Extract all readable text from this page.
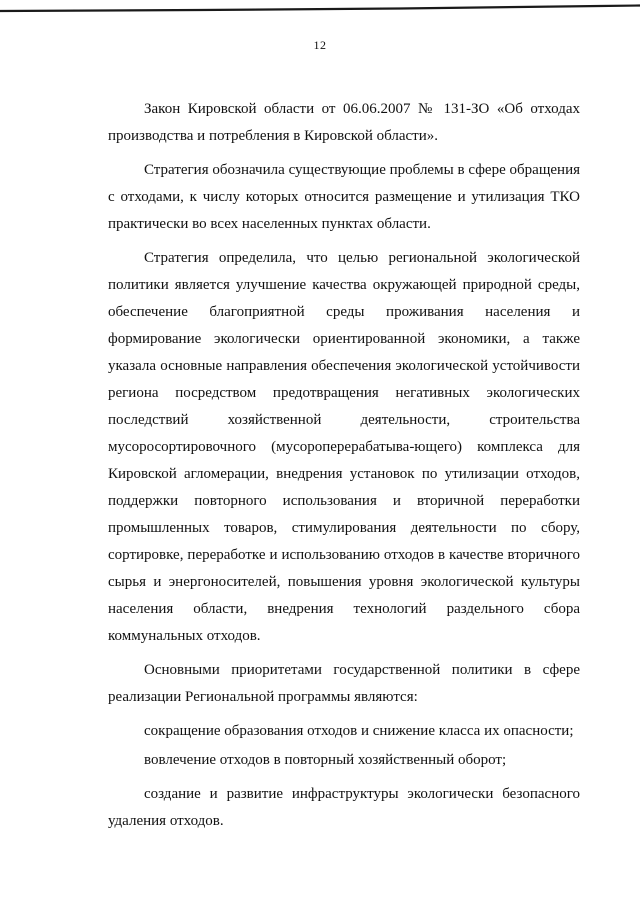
12

Закон Кировской области от 06.06.2007 № 131-ЗО «Об отходах производства и потребления в Кировской области».

Стратегия обозначила существующие проблемы в сфере обращения с отходами, к числу которых относится размещение и утилизация ТКО практически во всех населенных пунктах области.

Стратегия определила, что целью региональной экологической политики является улучшение качества окружающей природной среды, обеспечение благоприятной среды проживания населения и формирование экологически ориентированной экономики, а также указала основные направления обеспечения экологической устойчивости региона посредством предотвращения негативных экологических последствий хозяйственной деятельности, строительства мусоросортировочного (мусороперерабатыва-ющего) комплекса для Кировской агломерации, внедрения установок по утилизации отходов, поддержки повторного использования и вторичной переработки промышленных товаров, стимулирования деятельности по сбору, сортировке, переработке и использованию отходов в качестве вторичного сырья и энергоносителей, повышения уровня экологической культуры населения области, внедрения технологий раздельного сбора коммунальных отходов.

Основными приоритетами государственной политики в сфере реализации Региональной программы являются:

сокращение образования отходов и снижение класса их опасности;

вовлечение отходов в повторный хозяйственный оборот;

создание и развитие инфраструктуры экологически безопасного удаления отходов.
